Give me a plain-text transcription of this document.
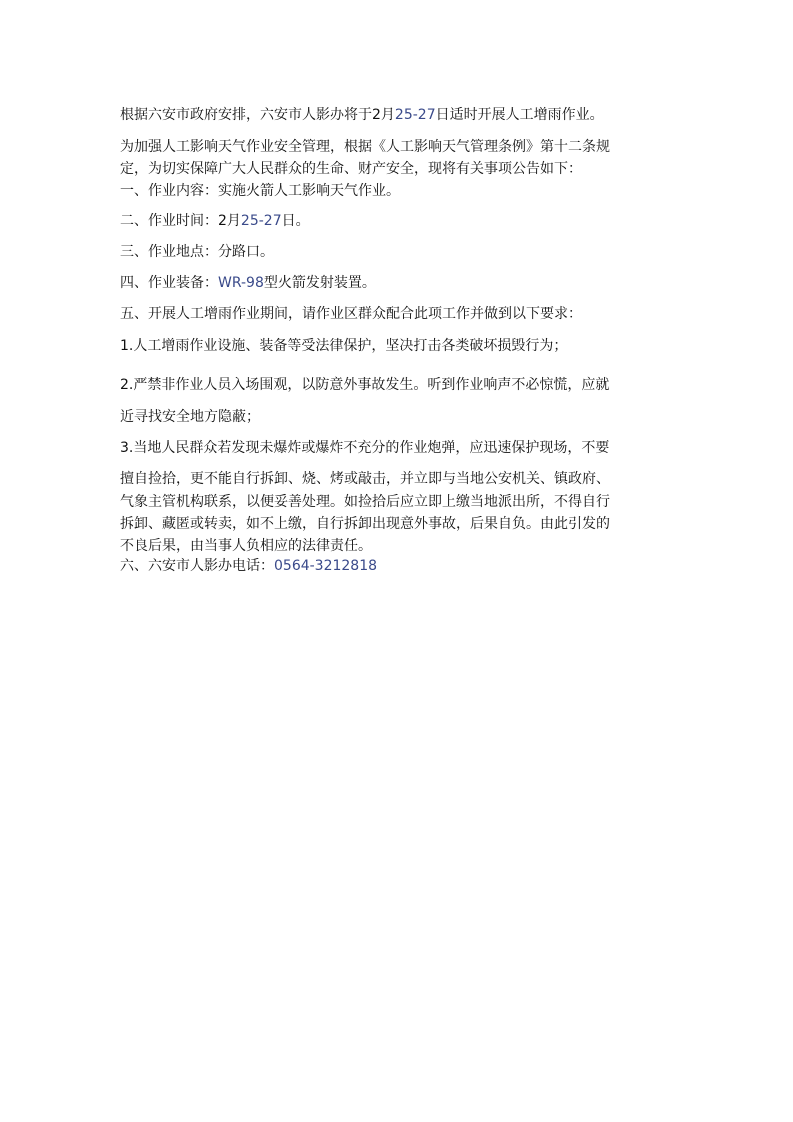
根据六安市政府安排，六安市人影办将于2月25-27日适时开展人工增雨作业。
为加强人工影响天气作业安全管理，根据《人工影响天气管理条例》第十二条规
定，为切实保障广大人民群众的生命、财产安全，现将有关事项公告如下：
一、作业内容：实施火箭人工影响天气作业。
二、作业时间：2月25-27日。
三、作业地点：分路口。
四、作业装备：WR-98型火箭发射装置。
五、开展人工增雨作业期间，请作业区群众配合此项工作并做到以下要求：
1.人工增雨作业设施、装备等受法律保护，坚决打击各类破坏损毁行为；
2.严禁非作业人员入场围观，以防意外事故发生。听到作业响声不必惊慌，应就
近寻找安全地方隐蔽；
3.当地人民群众若发现未爆炸或爆炸不充分的作业炮弹，应迅速保护现场，不要
擅自捡拾，更不能自行拆卸、烧、烤或敲击，并立即与当地公安机关、镇政府、
气象主管机构联系，以便妥善处理。如捡拾后应立即上缴当地派出所，不得自行
拆卸、藏匿或转卖，如不上缴，自行拆卸出现意外事故，后果自负。由此引发的
不良后果，由当事人负相应的法律责任。
六、六安市人影办电话：0564-3212818
